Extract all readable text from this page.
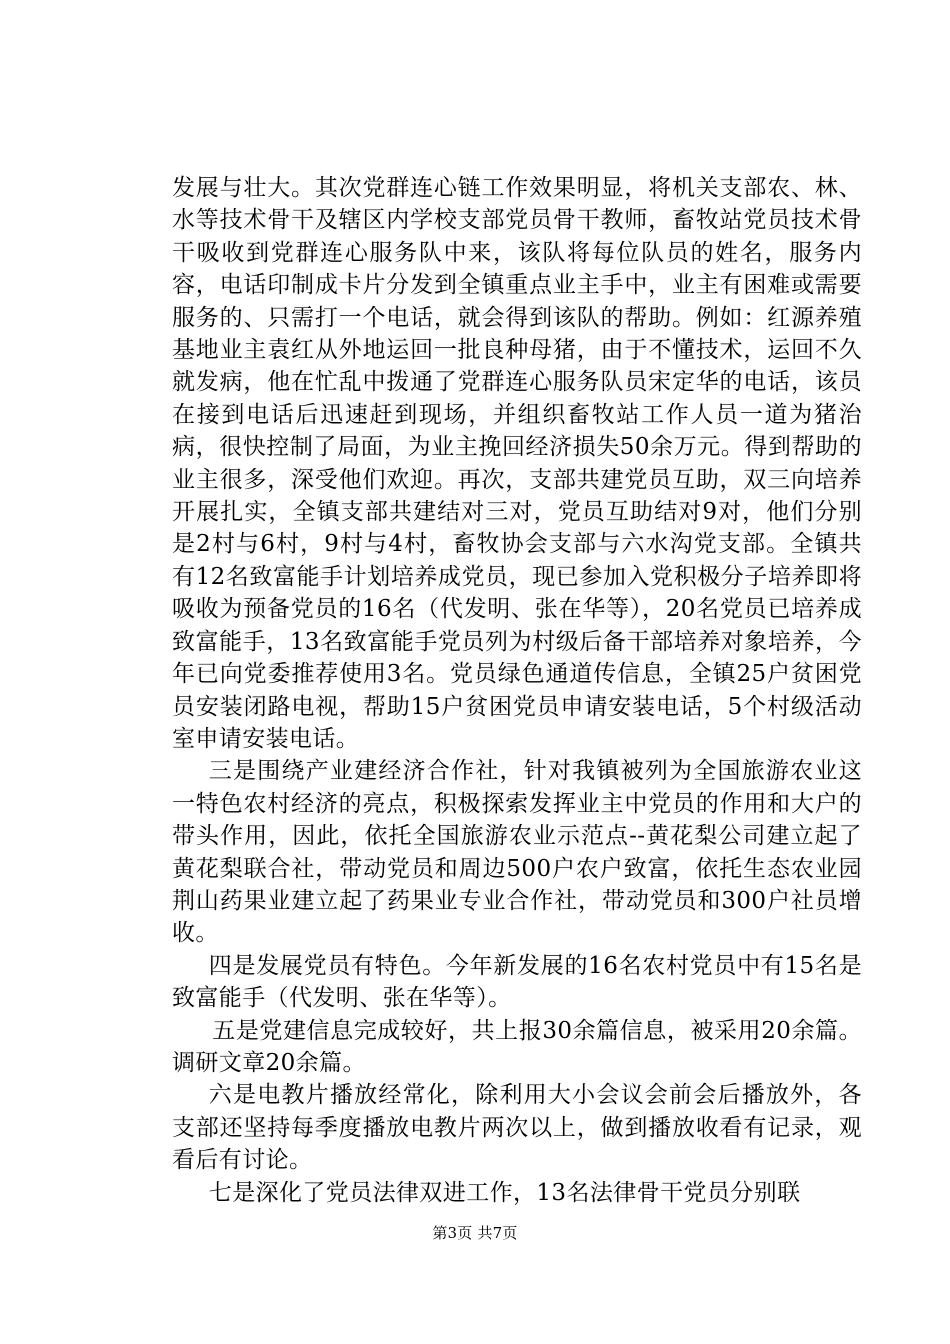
发展与壮大。其次党群连心链工作效果明显，将机关支部农、林、水等技术骨干及辖区内学校支部党员骨干教师，畜牧站党员技术骨干吸收到党群连心服务队中来，该队将每位队员的姓名，服务内容，电话印制成卡片分发到全镇重点业主手中，业主有困难或需要服务的、只需打一个电话，就会得到该队的帮助。例如：红源养殖基地业主袁红从外地运回一批良种母猪，由于不懂技术，运回不久就发病，他在忙乱中拨通了党群连心服务队员宋定华的电话，该员在接到电话后迅速赶到现场，并组织畜牧站工作人员一道为猪治病，很快控制了局面，为业主挽回经济损失50余万元。得到帮助的业主很多，深受他们欢迎。再次，支部共建党员互助，双三向培养开展扎实，全镇支部共建结对三对，党员互助结对9对，他们分别是2村与6村，9村与4村，畜牧协会支部与六水沟党支部。全镇共有12名致富能手计划培养成党员，现已参加入党积极分子培养即将吸收为预备党员的16名（代发明、张在华等），20名党员已培养成致富能手，13名致富能手党员列为村级后备干部培养对象培养，今年已向党委推荐使用3名。党员绿色通道传信息，全镇25户贫困党员安装闭路电视，帮助15户贫困党员申请安装电话，5个村级活动室申请安装电话。

三是围绕产业建经济合作社，针对我镇被列为全国旅游农业这一特色农村经济的亮点，积极探索发挥业主中党员的作用和大户的带头作用，因此，依托全国旅游农业示范点--黄花梨公司建立起了黄花梨联合社，带动党员和周边500户农户致富，依托生态农业园荆山药果业建立起了药果业专业合作社，带动党员和300户社员增收。

四是发展党员有特色。今年新发展的16名农村党员中有15名是致富能手（代发明、张在华等）。

五是党建信息完成较好，共上报30余篇信息，被采用20余篇。调研文章20余篇。

六是电教片播放经常化，除利用大小会议会前会后播放外，各支部还坚持每季度播放电教片两次以上，做到播放收看有记录，观看后有讨论。

七是深化了党员法律双进工作，13名法律骨干党员分别联

第3页 共7页
